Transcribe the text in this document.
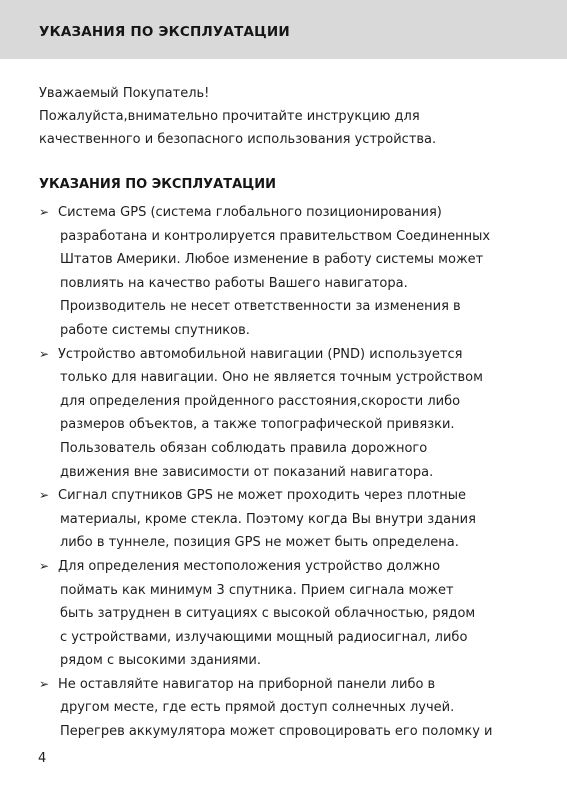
УКАЗАНИЯ ПО ЭКСПЛУАТАЦИИ
Уважаемый Покупатель!
Пожалуйста,внимательно прочитайте инструкцию для
качественного и безопасного использования устройства.
УКАЗАНИЯ ПО ЭКСПЛУАТАЦИИ
➢ Система GPS (система глобального позиционирования)
разработана и контролируется правительством Соединенных
Штатов Америки. Любое изменение в работу системы может
повлиять на качество работы Вашего навигатора.
Производитель не несет ответственности за изменения в
работе системы спутников.
➢ Устройство автомобильной навигации (PND) используется
только для навигации. Оно не является точным устройством
для определения пройденного расстояния,скорости либо
размеров объектов, а также топографической привязки.
Пользователь обязан соблюдать правила дорожного
движения вне зависимости от показаний навигатора.
➢ Сигнал спутников GPS не может проходить через плотные
материалы, кроме стекла. Поэтому когда Вы внутри здания
либо в туннеле, позиция GPS не может быть определена.
➢ Для определения местоположения устройство должно
поймать как минимум 3 спутника. Прием сигнала может
быть затруднен в ситуациях с высокой облачностью, рядом
с устройствами, излучающими мощный радиосигнал, либо
рядом с высокими зданиями.
➢ Не оставляйте навигатор на приборной панели либо в
другом месте, где есть прямой доступ солнечных лучей.
Перегрев аккумулятора может спровоцировать его поломку и
4
